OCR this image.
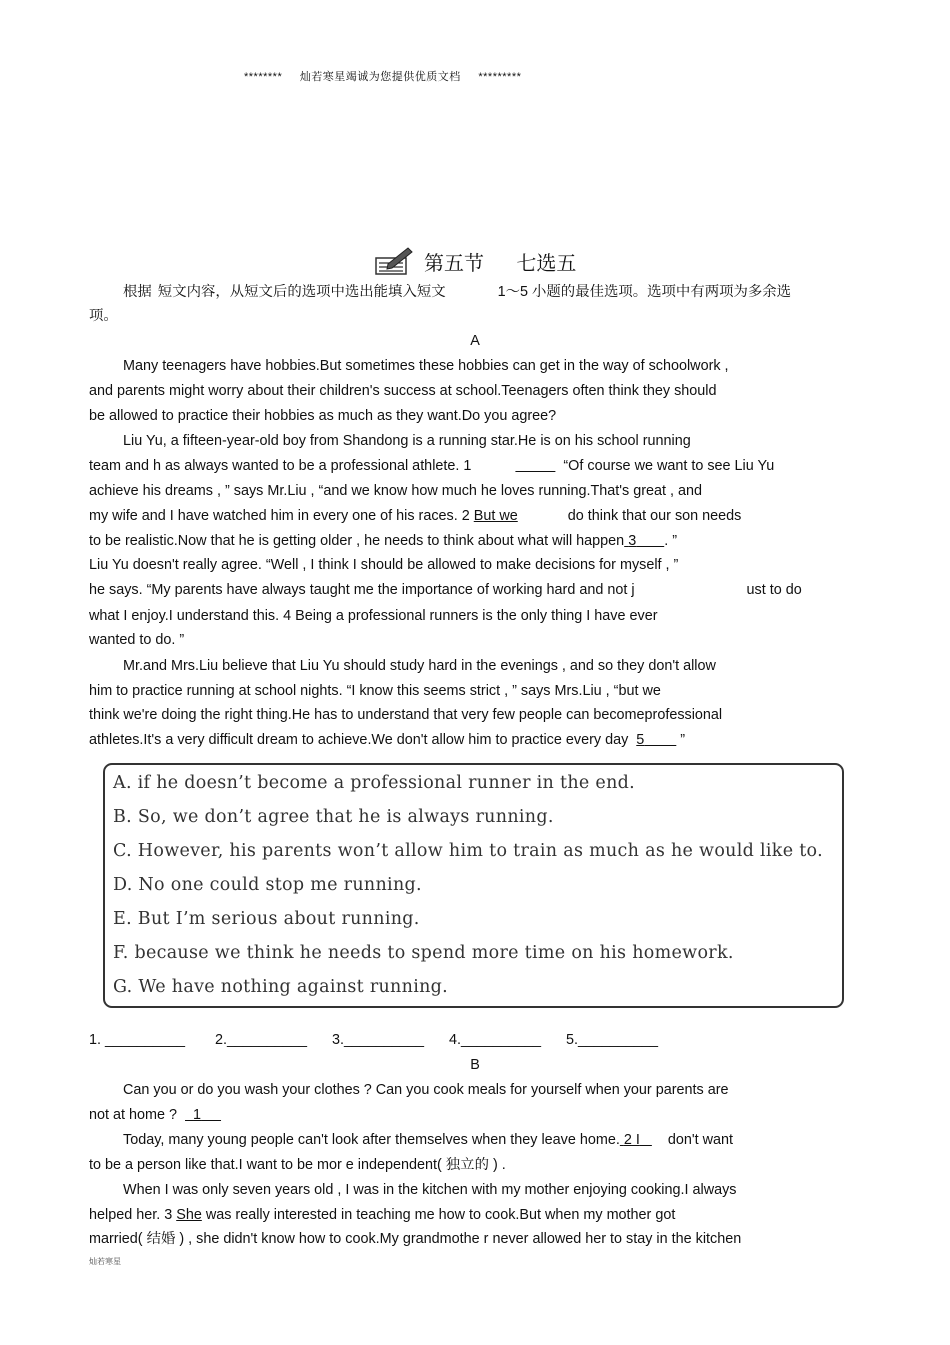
******** 灿若寒星竭诚为您提供优质文档 *********
第五节 七选五
根据 短文内容，从短文后的选项中选出能填入短文	1～5 小题的最佳选项。选项中有两项为多余选
项。
A
Many teenagers have hobbies.But sometimes these hobbies can get in the way of schoolwork ,
and parents might worry about their children's success at school.Teenagers often think they should
be allowed to practice their hobbies as much as they want.Do you agree?
Liu Yu, a fifteen-year-old boy from Shandong is a running star.He is on his school running
team and h as always wanted to be a professional athlete. 1	“Of course we want to see Liu Yu
achieve his dreams , ” says Mr.Liu , “and we know how much he loves running.That's great , and
my wife and I have watched him in every one of his races. 2 But we	do think that our son needs
to be realistic.Now that he is getting older , he needs to think about what will happen 3 . ”
Liu Yu doesn't really agree. “Well , I think I should be allowed to make decisions for myself , ”
he says. “My parents have always taught me the importance of working hard and not j	ust to do
what I enjoy.I understand this. 4 Being a professional runners is the only thing I have ever
wanted to do. ”
Mr.and Mrs.Liu believe that Liu Yu should study hard in the evenings , and so they don't allow
him to practice running at school nights. “I know this seems strict , ” says Mrs.Liu , “but we
think we're doing the right thing.He has to understand that very few people can becomeprofessional
athletes.It's a very difficult dream to achieve.We don't allow him to practice every day 5	”
A. if he doesn’t become a professional runner in the end.
B. So, we don’t agree that he is always running.
C. However, his parents won’t allow him to train as much as he would like to.
D. No one could stop me running.
E. But I’m serious about running.
F. because we think he needs to spend more time on his homework.
G. We have nothing against running.
1. __________ 2.__________ 3.__________ 4.__________ 5.__________
B
Can you or do you wash your clothes ? Can you cook meals for yourself when your parents are
not at home ? 1
Today, many young people can't look after themselves when they leave home. 2 I don't want
to be a person like that.I want to be mor e independent( 独立的 ) .
When I was only seven years old , I was in the kitchen with my mother enjoying cooking.I always
helped her. 3 She was really interested in teaching me how to cook.But when my mother got
married( 结婚 ) , she didn't know how to cook.My grandmothe r never allowed her to stay in the kitchen
灿若寒星
